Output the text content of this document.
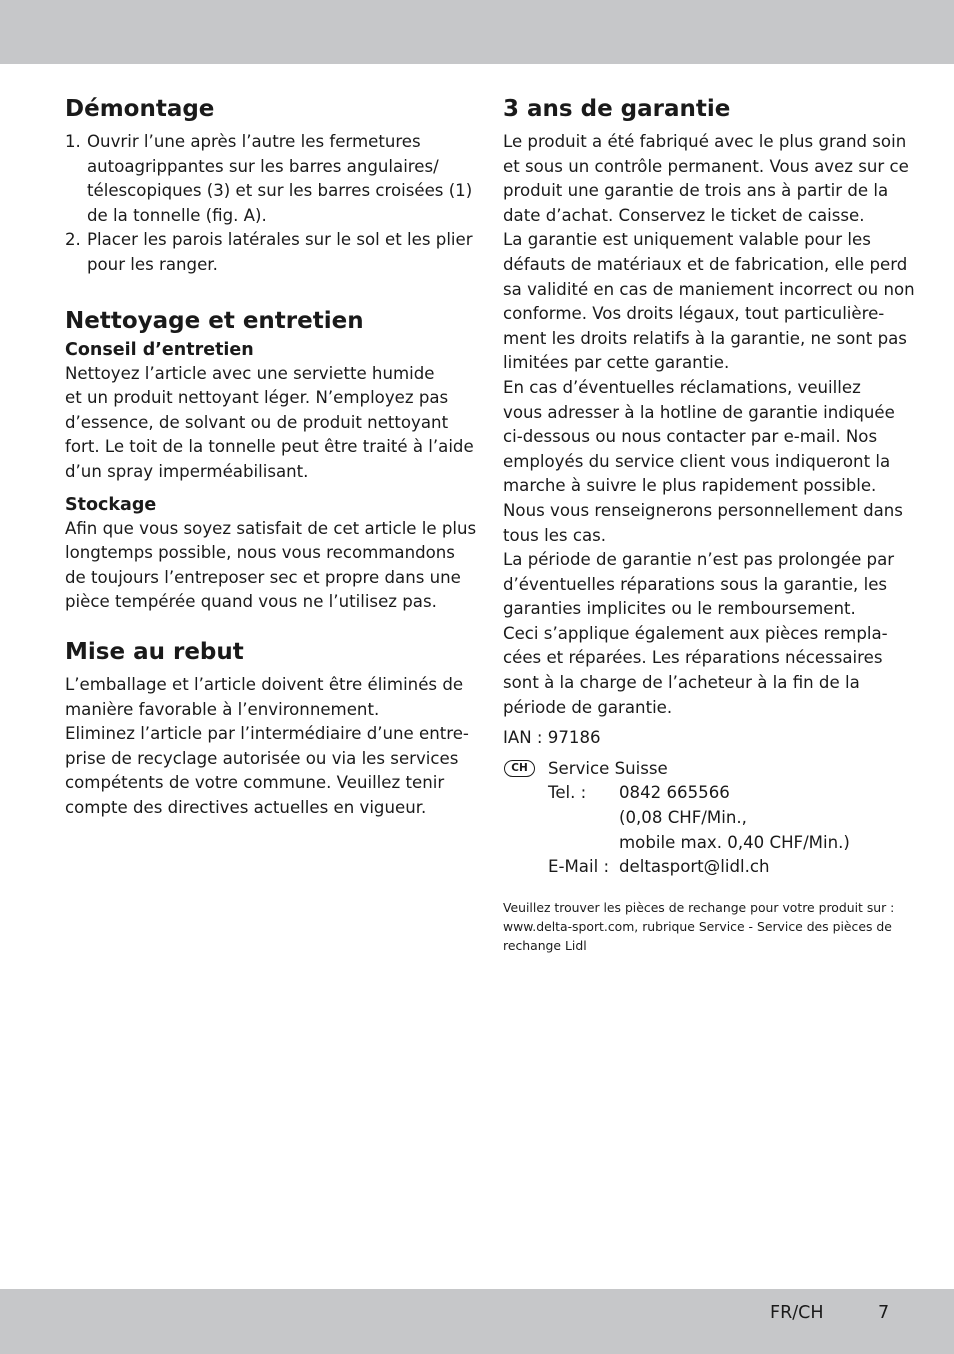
Démontage
1. Ouvrir l’une après l’autre les fermetures
autoagrippantes sur les barres angulaires/
télescopiques (3) et sur les barres croisées (1)
de la tonnelle (fig. A).
2. Placer les parois latérales sur le sol et les plier
pour les ranger.
Nettoyage et entretien
Conseil d’entretien

Nettoyez l’article avec une serviette humide
et un produit nettoyant léger. N’employez pas
d’essence, de solvant ou de produit nettoyant
fort. Le toit de la tonnelle peut être traité à l’aide
d’un spray imperméabilisant.

Stockage

Afin que vous soyez satisfait de cet article le plus
longtemps possible, nous vous recommandons
de toujours l’entreposer sec et propre dans une
pièce tempérée quand vous ne l’utilisez pas.

Mise au rebut

L’emballage et l’article doivent être éliminés de
manière favorable à l’environnement.
Eliminez l’article par l’intermédiaire d’une entre-
prise de recyclage autorisée ou via les services
compétents de votre commune. Veuillez tenir
compte des directives actuelles en vigueur.

3 ans de garantie

Le produit a été fabriqué avec le plus grand soin
et sous un contrôle permanent. Vous avez sur ce
produit une garantie de trois ans à partir de la
date d’achat. Conservez le ticket de caisse.
La garantie est uniquement valable pour les
défauts de matériaux et de fabrication, elle perd
sa validité en cas de maniement incorrect ou non
conforme. Vos droits légaux, tout particulière-
ment les droits relatifs à la garantie, ne sont pas
limitées par cette garantie.
En cas d’éventuelles réclamations, veuillez
vous adresser à la hotline de garantie indiquée
ci-dessous ou nous contacter par e-mail. Nos
employés du service client vous indiqueront la
marche à suivre le plus rapidement possible.
Nous vous renseignerons personnellement dans
tous les cas.
La période de garantie n’est pas prolongée par
d’éventuelles réparations sous la garantie, les
garanties implicites ou le remboursement.
Ceci s’applique également aux pièces rempla-
cées et réparées. Les réparations nécessaires
sont à la charge de l’acheteur à la fin de la
période de garantie.

IAN : 97186

CH	Service Suisse
Tel. : 0842 665566
(0,08 CHF/Min.,
mobile max. 0,40 CHF/Min.)
E-Mail : deltasport@lidl.ch

Veuillez trouver les pièces de rechange pour votre produit sur :
www.delta-sport.com, rubrique Service - Service des pièces de
rechange Lidl

FR/CH	7
